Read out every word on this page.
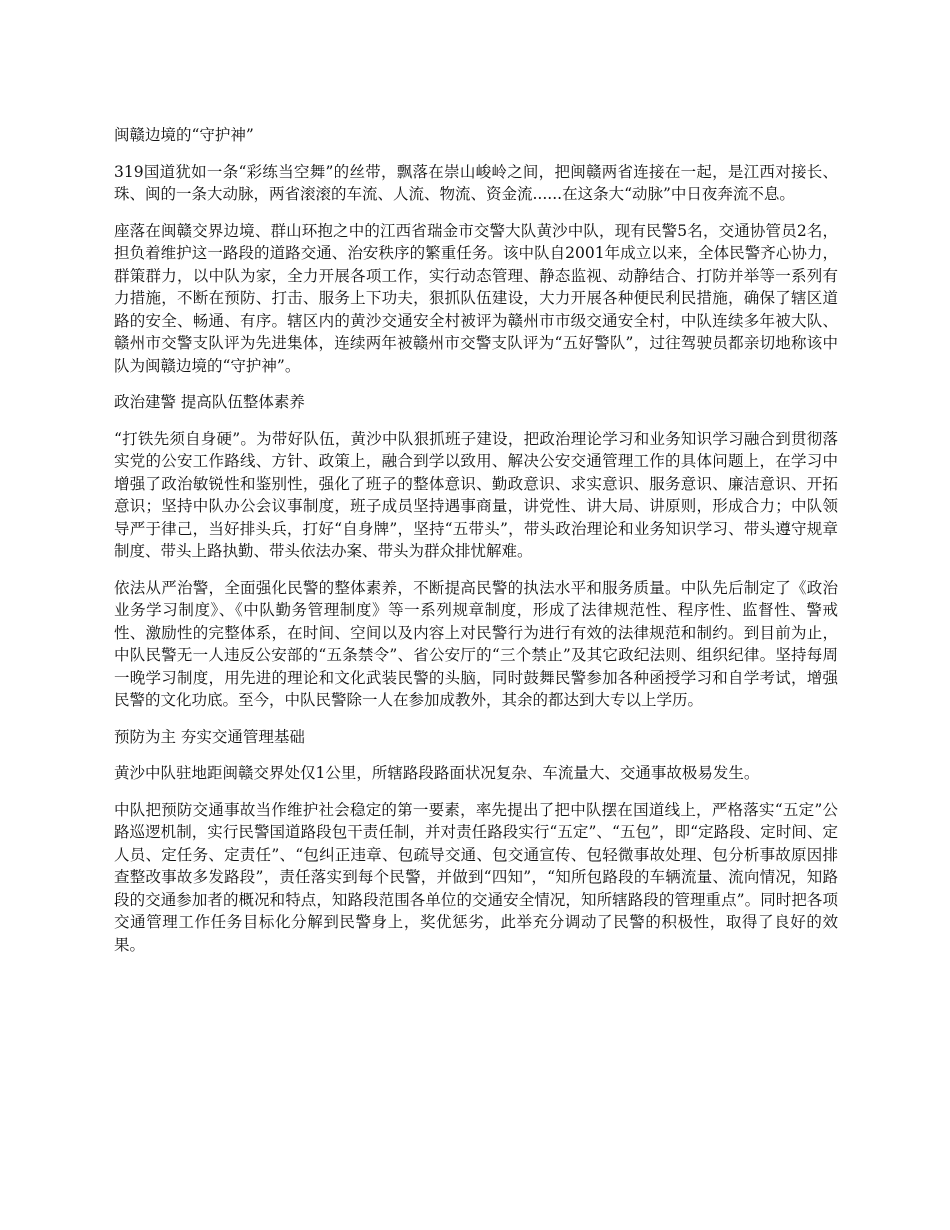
闽赣边境的“守护神”

319国道犹如一条“彩练当空舞”的丝带，飘落在崇山峻岭之间，把闽赣两省连接在一起，是江西对接长、珠、闽的一条大动脉，两省滚滚的车流、人流、物流、资金流......在这条大“动脉”中日夜奔流不息。

座落在闽赣交界边境、群山环抱之中的江西省瑞金市交警大队黄沙中队，现有民警5名，交通协管员2名，担负着维护这一路段的道路交通、治安秩序的繁重任务。该中队自2001年成立以来，全体民警齐心协力，群策群力，以中队为家，全力开展各项工作，实行动态管理、静态监视、动静结合、打防并举等一系列有力措施，不断在预防、打击、服务上下功夫，狠抓队伍建设，大力开展各种便民利民措施，确保了辖区道路的安全、畅通、有序。辖区内的黄沙交通安全村被评为赣州市市级交通安全村，中队连续多年被大队、赣州市交警支队评为先进集体，连续两年被赣州市交警支队评为“五好警队”，过往驾驶员都亲切地称该中队为闽赣边境的“守护神”。

政治建警 提高队伍整体素养

“打铁先须自身硬”。为带好队伍，黄沙中队狠抓班子建设，把政治理论学习和业务知识学习融合到贯彻落实党的公安工作路线、方针、政策上，融合到学以致用、解决公安交通管理工作的具体问题上，在学习中增强了政治敏锐性和鉴别性，强化了班子的整体意识、勤政意识、求实意识、服务意识、廉洁意识、开拓意识；坚持中队办公会议事制度，班子成员坚持遇事商量，讲党性、讲大局、讲原则，形成合力；中队领导严于律己，当好排头兵，打好“自身牌”，坚持“五带头”，带头政治理论和业务知识学习、带头遵守规章制度、带头上路执勤、带头依法办案、带头为群众排忧解难。

依法从严治警，全面强化民警的整体素养，不断提高民警的执法水平和服务质量。中队先后制定了《政治业务学习制度》、《中队勤务管理制度》等一系列规章制度，形成了法律规范性、程序性、监督性、警戒性、激励性的完整体系，在时间、空间以及内容上对民警行为进行有效的法律规范和制约。到目前为止，中队民警无一人违反公安部的“五条禁令”、省公安厅的“三个禁止”及其它政纪法则、组织纪律。坚持每周一晚学习制度，用先进的理论和文化武装民警的头脑，同时鼓舞民警参加各种函授学习和自学考试，增强民警的文化功底。至今，中队民警除一人在参加成教外，其余的都达到大专以上学历。

预防为主 夯实交通管理基础

黄沙中队驻地距闽赣交界处仅1公里，所辖路段路面状况复杂、车流量大、交通事故极易发生。

中队把预防交通事故当作维护社会稳定的第一要素，率先提出了把中队摆在国道线上，严格落实“五定”公路巡逻机制，实行民警国道路段包干责任制，并对责任路段实行“五定”、“五包”，即“定路段、定时间、定人员、定任务、定责任”、“包纠正违章、包疏导交通、包交通宣传、包轻微事故处理、包分析事故原因排查整改事故多发路段”，责任落实到每个民警，并做到“四知”，“知所包路段的车辆流量、流向情况，知路段的交通参加者的概况和特点，知路段范围各单位的交通安全情况，知所辖路段的管理重点”。同时把各项交通管理工作任务目标化分解到民警身上，奖优惩劣，此举充分调动了民警的积极性，取得了良好的效果。
